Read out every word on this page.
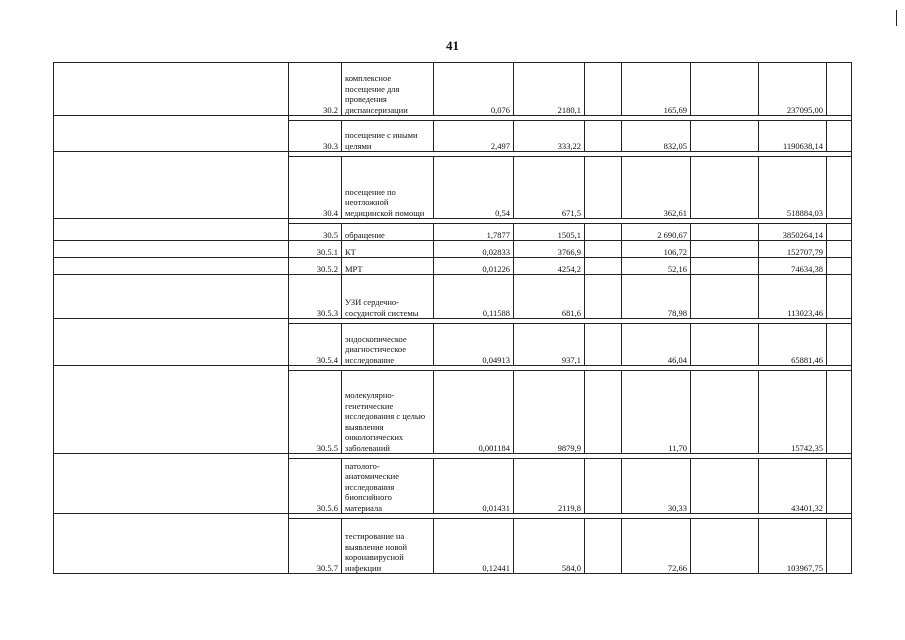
41
	30.2	комплексное посещение для проведения диспансеризации	0,076	2180,1		165,69		237095,00	

	30.3	посещение с иными целями	2,497	333,22		832,05		1190638,14	

	30.4	посещение по неотложной медицинской помощи	0,54	671,5		362,61		518884,03	

	30.5	обращение	1,7877	1505,1		2 690,67		3850264,14	
	30.5.1	КТ	0,02833	3766,9		106,72		152707,79	
	30.5.2	МРТ	0,01226	4254,2		52,16		74634,38	
	30.5.3	УЗИ сердечно-сосудистой системы	0,11588	681,6		78,98		113023,46	

	30.5.4	эндоскопическое диагностическое исследование	0,04913	937,1		46,04		65881,46	

	30.5.5	молекулярно-генетические исследования с целью выявления онкологических заболеваний	0,001184	9879,9		11,70		15742,35	

	30.5.6	патолого-анатомические исследования биопсийного материала	0,01431	2119,8		30,33		43401,32	

	30.5.7	тестирование на выявление новой коронавирусной инфекции	0,12441	584,0		72,66		103967,75	
